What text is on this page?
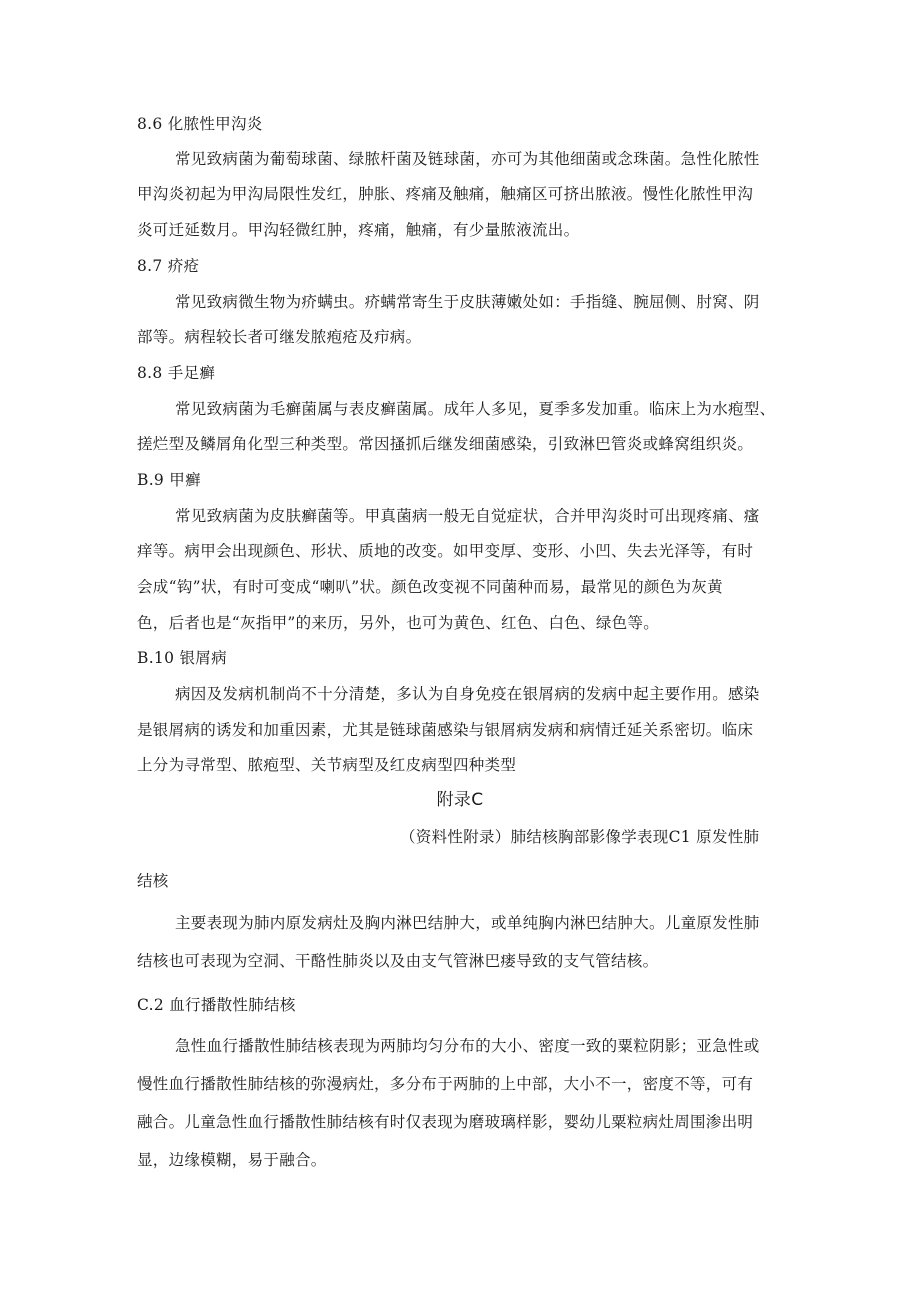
8.6 化脓性甲沟炎
常见致病菌为葡萄球菌、绿脓杆菌及链球菌，亦可为其他细菌或念珠菌。急性化脓性
甲沟炎初起为甲沟局限性发红，肿胀、疼痛及触痛，触痛区可挤出脓液。慢性化脓性甲沟
炎可迁延数月。甲沟轻微红肿，疼痛，触痛，有少量脓液流出。
8.7 疥疮
常见致病微生物为疥螨虫。疥螨常寄生于皮肤薄嫩处如：手指缝、腕屈侧、肘窝、阴
部等。病程较长者可继发脓疱疮及疖病。
8.8 手足癣
常见致病菌为毛癣菌属与表皮癣菌属。成年人多见，夏季多发加重。临床上为水疱型、
搓烂型及鳞屑角化型三种类型。常因搔抓后继发细菌感染，引致淋巴管炎或蜂窝组织炎。
B.9 甲癣
常见致病菌为皮肤癣菌等。甲真菌病一般无自觉症状，合并甲沟炎时可出现疼痛、瘙
痒等。病甲会出现颜色、形状、质地的改变。如甲变厚、变形、小凹、失去光泽等，有时
会成“钩”状，有时可变成“喇叭”状。颜色改变视不同菌种而易，最常见的颜色为灰黄
色，后者也是“灰指甲”的来历，另外，也可为黄色、红色、白色、绿色等。
B.10 银屑病
病因及发病机制尚不十分清楚，多认为自身免疫在银屑病的发病中起主要作用。感染
是银屑病的诱发和加重因素，尤其是链球菌感染与银屑病发病和病情迁延关系密切。临床
上分为寻常型、脓疱型、关节病型及红皮病型四种类型
附录C
（资料性附录）肺结核胸部影像学表现C1 原发性肺
结核
主要表现为肺内原发病灶及胸内淋巴结肿大，或单纯胸内淋巴结肿大。儿童原发性肺
结核也可表现为空洞、干酪性肺炎以及由支气管淋巴瘘导致的支气管结核。
C.2 血行播散性肺结核
急性血行播散性肺结核表现为两肺均匀分布的大小、密度一致的粟粒阴影；亚急性或
慢性血行播散性肺结核的弥漫病灶，多分布于两肺的上中部，大小不一，密度不等，可有
融合。儿童急性血行播散性肺结核有时仅表现为磨玻璃样影，婴幼儿粟粒病灶周围渗出明
显，边缘模糊，易于融合。
